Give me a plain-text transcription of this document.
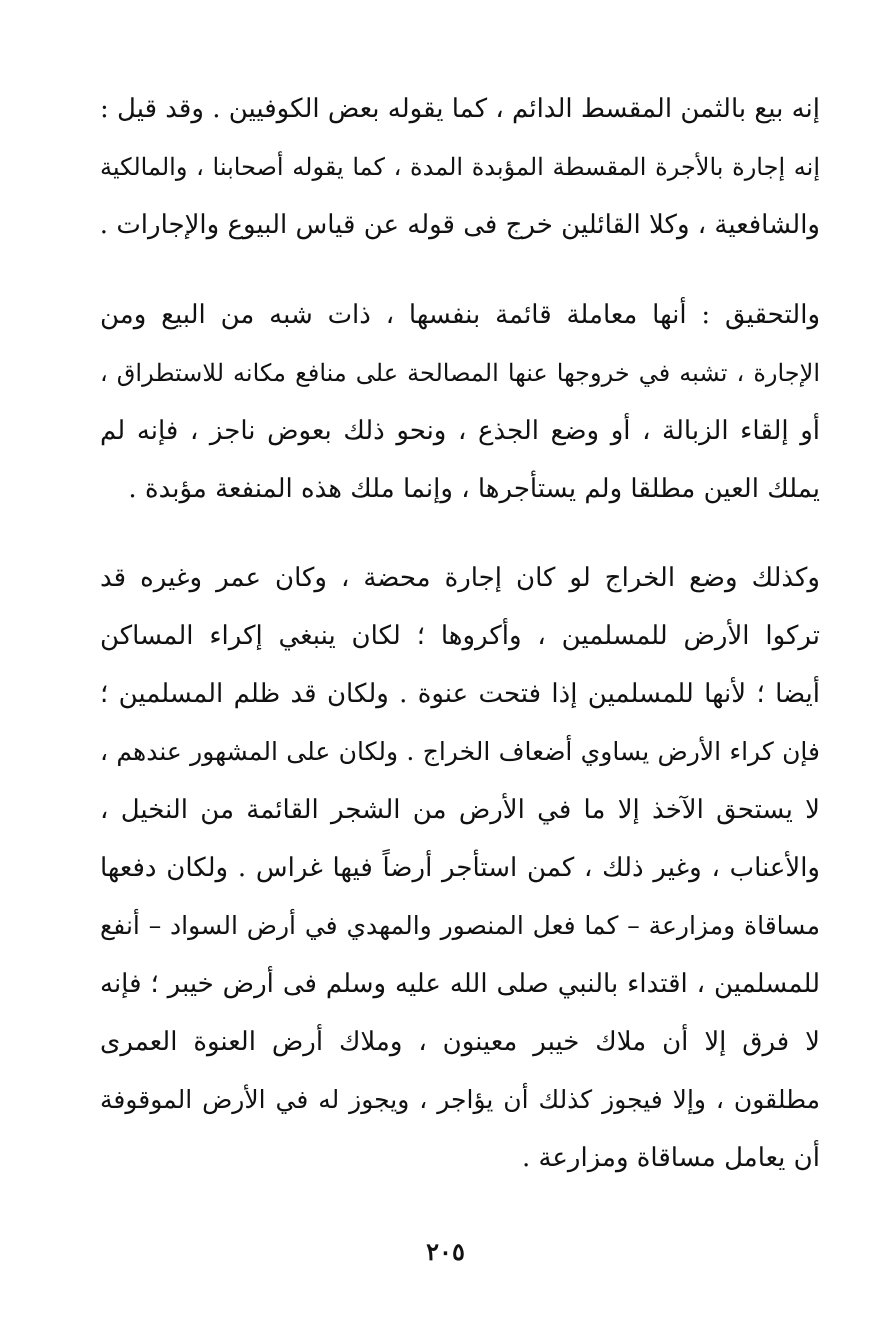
إنه بيع بالثمن المقسط الدائم ، كما يقوله بعض الكوفيين . وقد قيل :
إنه إجارة بالأجرة المقسطة المؤبدة المدة ، كما يقوله أصحابنا ، والمالكية
والشافعية ، وكلا القائلين خرج فى قوله عن قياس البيوع والإجارات .
والتحقيق : أنها معاملة قائمة بنفسها ، ذات شبه من البيع ومن
الإجارة ، تشبه في خروجها عنها المصالحة على منافع مكانه للاستطراق ،
أو إلقاء الزبالة ، أو وضع الجذع ، ونحو ذلك بعوض ناجز ، فإنه لم
يملك العين مطلقا ولم يستأجرها ، وإنما ملك هذه المنفعة مؤبدة .
وكذلك وضع الخراج لو كان إجارة محضة ، وكان عمر وغيره قد
تركوا الأرض للمسلمين ، وأكروها ؛ لكان ينبغي إكراء المساكن
أيضا ؛ لأنها للمسلمين إذا فتحت عنوة . ولكان قد ظلم المسلمين ؛
فإن كراء الأرض يساوي أضعاف الخراج . ولكان على المشهور عندهم ،
لا يستحق الآخذ إلا ما في الأرض من الشجر القائمة من النخيل ،
والأعناب ، وغير ذلك ، كمن استأجر أرضاً فيها غراس . ولكان دفعها
مساقاة ومزارعة – كما فعل المنصور والمهدي في أرض السواد – أنفع
للمسلمين ، اقتداء بالنبي صلى الله عليه وسلم فى أرض خيبر ؛ فإنه
لا فرق إلا أن ملاك خيبر معينون ، وملاك أرض العنوة العمرى
مطلقون ، وإلا فيجوز كذلك أن يؤاجر ، ويجوز له في الأرض الموقوفة
أن يعامل مساقاة ومزارعة .
٢٠٥
